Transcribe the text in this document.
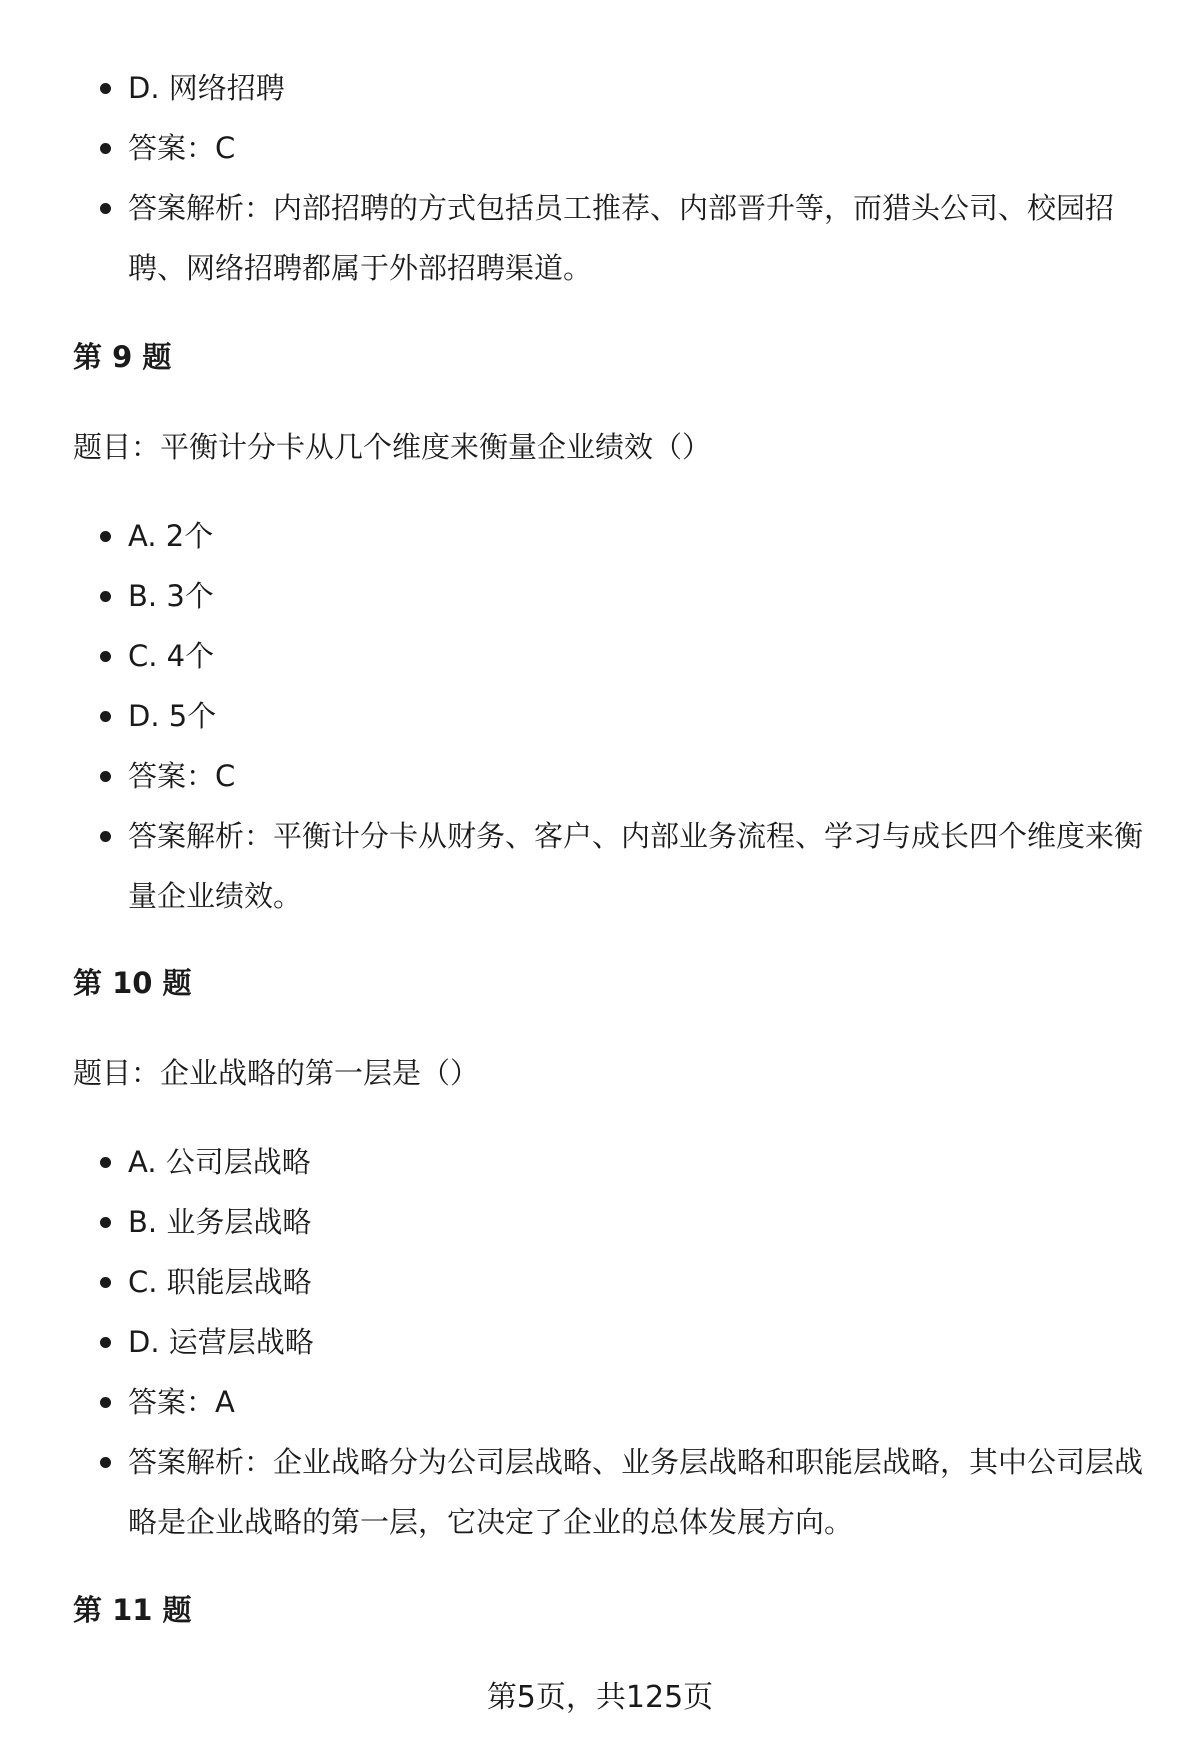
D. 网络招聘
答案：C
答案解析：内部招聘的方式包括员工推荐、内部晋升等，而猎头公司、校园招聘、网络招聘都属于外部招聘渠道。
第 9 题
题目：平衡计分卡从几个维度来衡量企业绩效（）
A. 2个
B. 3个
C. 4个
D. 5个
答案：C
答案解析：平衡计分卡从财务、客户、内部业务流程、学习与成长四个维度来衡量企业绩效。
第 10 题
题目：企业战略的第一层是（）
A. 公司层战略
B. 业务层战略
C. 职能层战略
D. 运营层战略
答案：A
答案解析：企业战略分为公司层战略、业务层战略和职能层战略，其中公司层战略是企业战略的第一层，它决定了企业的总体发展方向。
第 11 题
第5页，共125页
